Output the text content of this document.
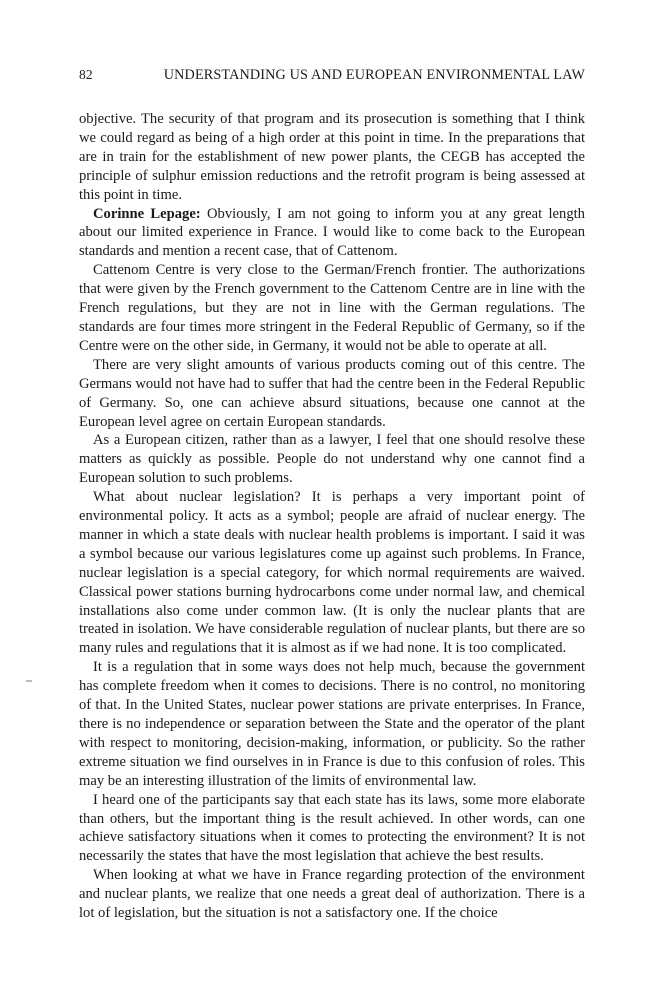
82	UNDERSTANDING US AND EUROPEAN ENVIRONMENTAL LAW

objective. The security of that program and its prosecution is something that I think we could regard as being of a high order at this point in time. In the preparations that are in train for the establishment of new power plants, the CEGB has accepted the principle of sulphur emission reductions and the retrofit program is being assessed at this point in time.

Corinne Lepage: Obviously, I am not going to inform you at any great length about our limited experience in France. I would like to come back to the European standards and mention a recent case, that of Cattenom.

Cattenom Centre is very close to the German/French frontier. The authorizations that were given by the French government to the Cattenom Centre are in line with the French regulations, but they are not in line with the German regulations. The standards are four times more stringent in the Federal Republic of Germany, so if the Centre were on the other side, in Germany, it would not be able to operate at all.

There are very slight amounts of various products coming out of this centre. The Germans would not have had to suffer that had the centre been in the Federal Republic of Germany. So, one can achieve absurd situations, because one cannot at the European level agree on certain European standards.

As a European citizen, rather than as a lawyer, I feel that one should resolve these matters as quickly as possible. People do not understand why one cannot find a European solution to such problems.

What about nuclear legislation? It is perhaps a very important point of environmental policy. It acts as a symbol; people are afraid of nuclear energy. The manner in which a state deals with nuclear health problems is important. I said it was a symbol because our various legislatures come up against such problems. In France, nuclear legislation is a special category, for which normal requirements are waived. Classical power stations burning hydrocarbons come under normal law, and chemical installations also come under common law. (It is only the nuclear plants that are treated in isolation. We have considerable regulation of nuclear plants, but there are so many rules and regulations that it is almost as if we had none. It is too complicated.

It is a regulation that in some ways does not help much, because the government has complete freedom when it comes to decisions. There is no control, no monitoring of that. In the United States, nuclear power stations are private enterprises. In France, there is no independence or separation between the State and the operator of the plant with respect to monitoring, decision-making, information, or publicity. So the rather extreme situation we find ourselves in in France is due to this confusion of roles. This may be an interesting illustration of the limits of environmental law.

I heard one of the participants say that each state has its laws, some more elaborate than others, but the important thing is the result achieved. In other words, can one achieve satisfactory situations when it comes to protecting the environment? It is not necessarily the states that have the most legislation that achieve the best results.

When looking at what we have in France regarding protection of the environment and nuclear plants, we realize that one needs a great deal of authorization. There is a lot of legislation, but the situation is not a satisfactory one. If the choice
